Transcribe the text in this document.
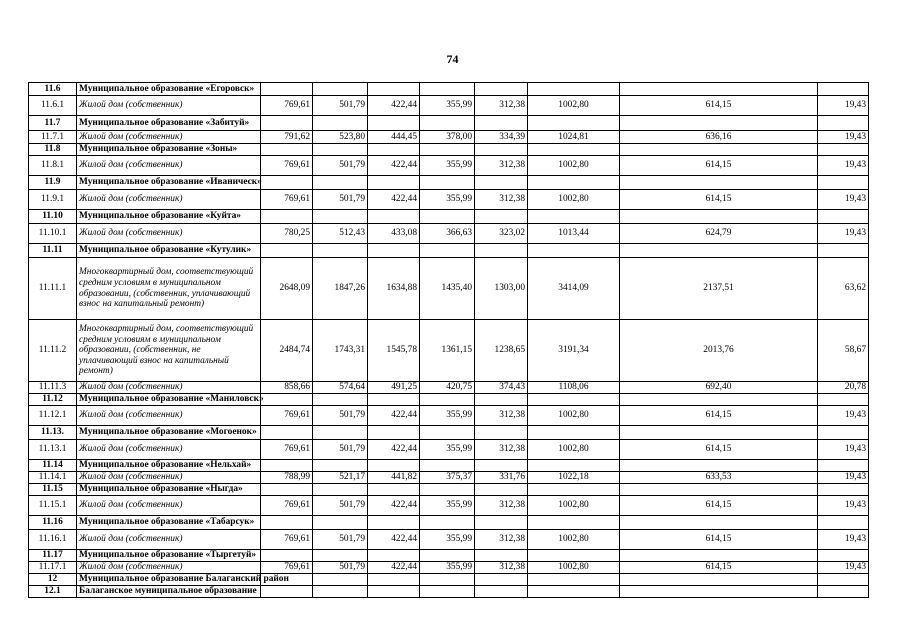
74
11.6	Муниципальное образование «Егоровск»								
11.6.1	Жилой дом (собственник)	769,61	501,79	422,44	355,99	312,38	1002,80	614,15	19,43
11.7	Муниципальное образование «Забитуй»								
11.7.1	Жилой дом (собственник)	791,62	523,80	444,45	378,00	334,39	1024,81	636,16	19,43
11.8	Муниципальное образование «Зоны»								
11.8.1	Жилой дом (собственник)	769,61	501,79	422,44	355,99	312,38	1002,80	614,15	19,43
11.9	Муниципальное образование «Иваническ»								
11.9.1	Жилой дом (собственник)	769,61	501,79	422,44	355,99	312,38	1002,80	614,15	19,43
11.10	Муниципальное образование «Куйта»								
11.10.1	Жилой дом (собственник)	780,25	512,43	433,08	366,63	323,02	1013,44	624,79	19,43
11.11	Муниципальное образование «Кутулик»								
11.11.1	Многоквартирный дом, соответствующий средним условиям в муниципальном образовании, (собственник, уплачивающий взнос на капитальный ремонт)	2648,09	1847,26	1634,88	1435,40	1303,00	3414,09	2137,51	63,62
11.11.2	Многоквартирный дом, соответствующий средним условиям в муниципальном образовании, (собственник, не уплачивающий взнос на капитальный ремонт)	2484,74	1743,31	1545,78	1361,15	1238,65	3191,34	2013,76	58,67
11.11.3	Жилой дом (собственник)	858,66	574,64	491,25	420,75	374,43	1108,06	692,40	20,78
11.12	Муниципальное образование «Маниловск»								
11.12.1	Жилой дом (собственник)	769,61	501,79	422,44	355,99	312,38	1002,80	614,15	19,43
11.13.	Муниципальное образование «Могоенок»								
11.13.1	Жилой дом (собственник)	769,61	501,79	422,44	355,99	312,38	1002,80	614,15	19,43
11.14	Муниципальное образование «Нельхай»								
11.14.1	Жилой дом (собственник)	788,99	521,17	441,82	375,37	331,76	1022,18	633,53	19,43
11.15	Муниципальное образование «Ныгда»								
11.15.1	Жилой дом (собственник)	769,61	501,79	422,44	355,99	312,38	1002,80	614,15	19,43
11.16	Муниципальное образование «Табарсук»								
11.16.1	Жилой дом (собственник)	769,61	501,79	422,44	355,99	312,38	1002,80	614,15	19,43
11.17	Муниципальное образование «Тыргетуй»								
11.17.1	Жилой дом (собственник)	769,61	501,79	422,44	355,99	312,38	1002,80	614,15	19,43
12	Муниципальное образование Балаганский район								
12.1	Балаганское муниципальное образование								
